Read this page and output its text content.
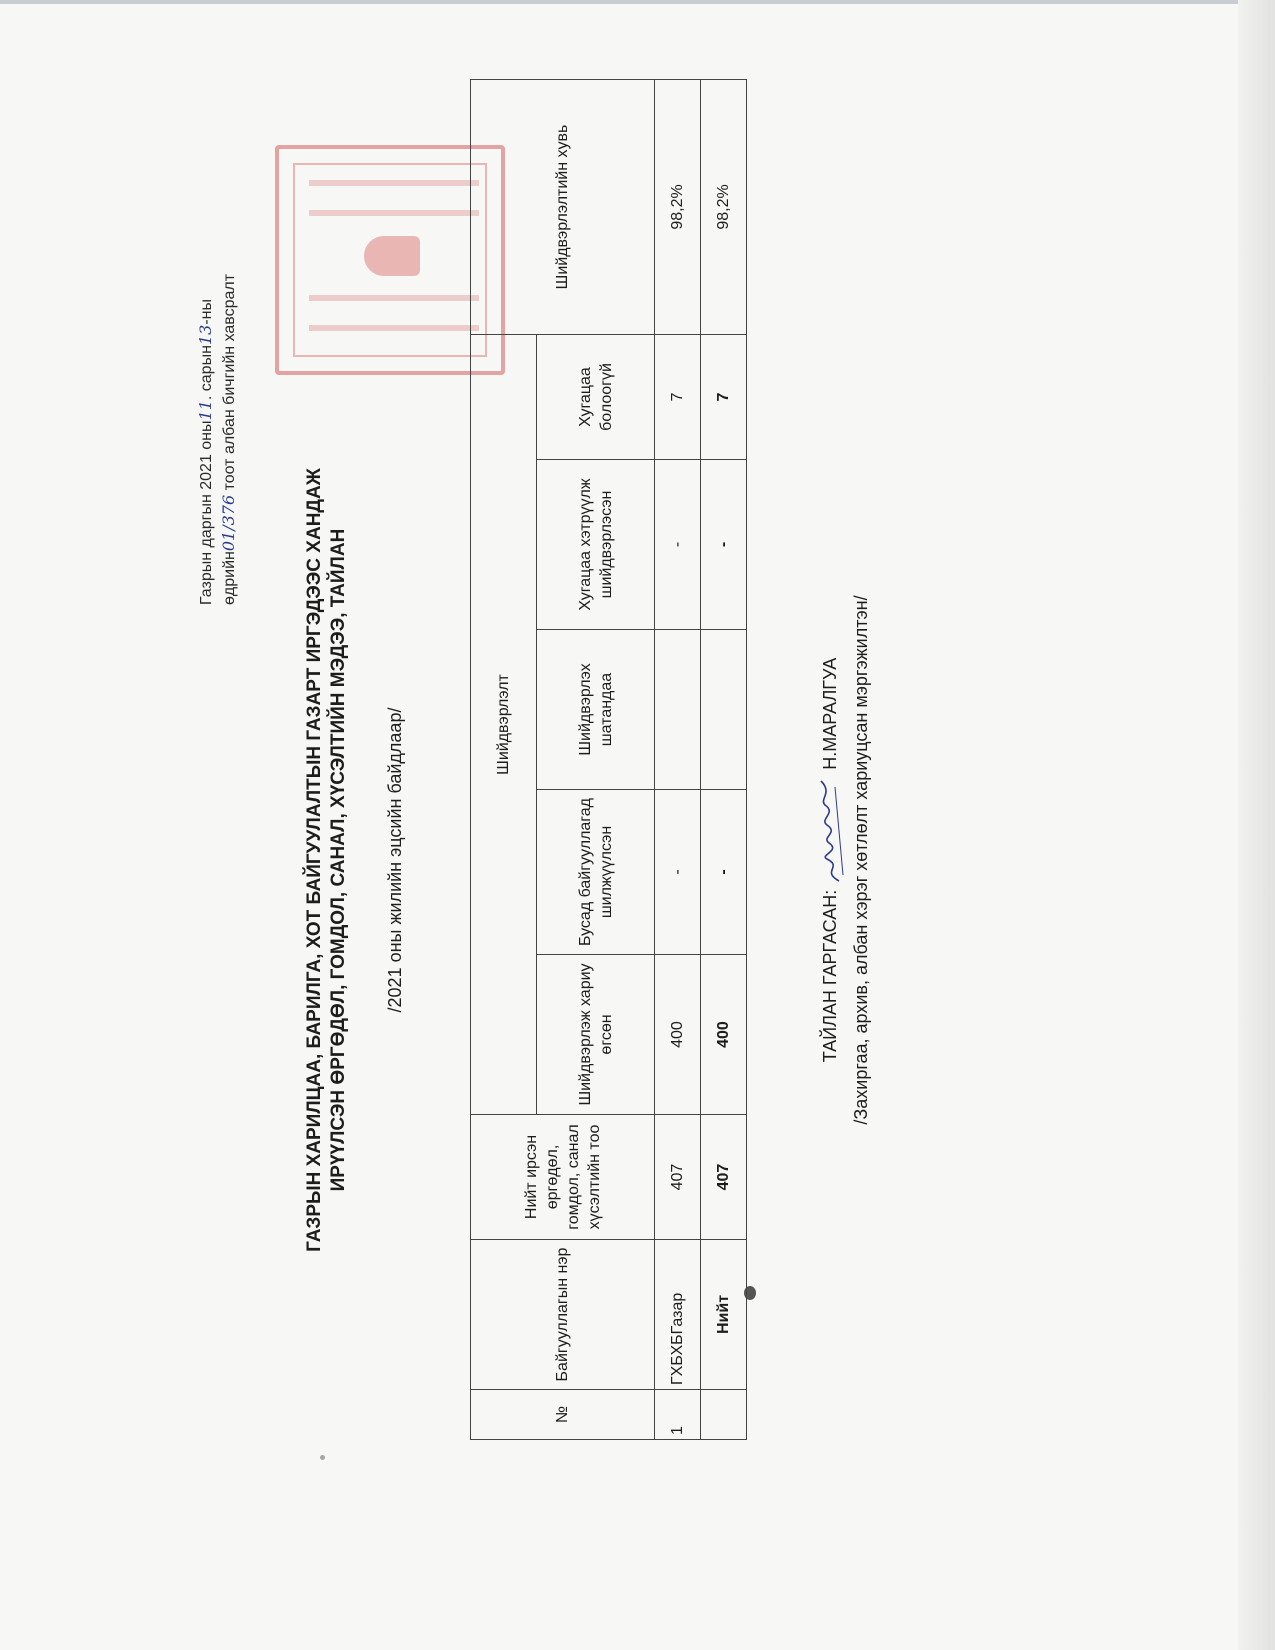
Газрын даргын 2021 оны11. сарын13-ны
өдрийн01/376 тоот албан бичгийн хавсралт
ГАЗРЫН ХАРИЛЦАА, БАРИЛГА, ХОТ БАЙГУУЛАЛТЫН ГАЗАРТ ИРГЭДЭЭС ХАНДАЖ ИРҮҮЛСЭН ӨРГӨДӨЛ, ГОМДОЛ, САНАЛ, ХҮСЭЛТИЙН МЭДЭЭ, ТАЙЛАН /2021 оны жилийн эцсийн байдлаар/
№	Байгууллагын нэр	Нийт ирсэн өргөдөл, гомдол, санал хүсэлтийн тоо	Шийдвэрлэлт					Шийдвэрлэлтийн хувь
			Шийдвэрлэж хариу өгсөн	Бусад байгууллагад шилжүүлсэн	Шийдвэрлэх шатандаа	Хугацаа хэтрүүлж шийдвэрлэсэн	Хугацаа болоогүй	
1	ГХБХБГазар	407	400	-		-	7	98,2%
	Нийт	407	400	-		-	7	98,2%
ТАЙЛАН ГАРГАСАН:  Н.МАРАЛГУА /Захиргаа, архив, албан хэрэг хөтлөлт хариуцсан мэргэжилтэн/
